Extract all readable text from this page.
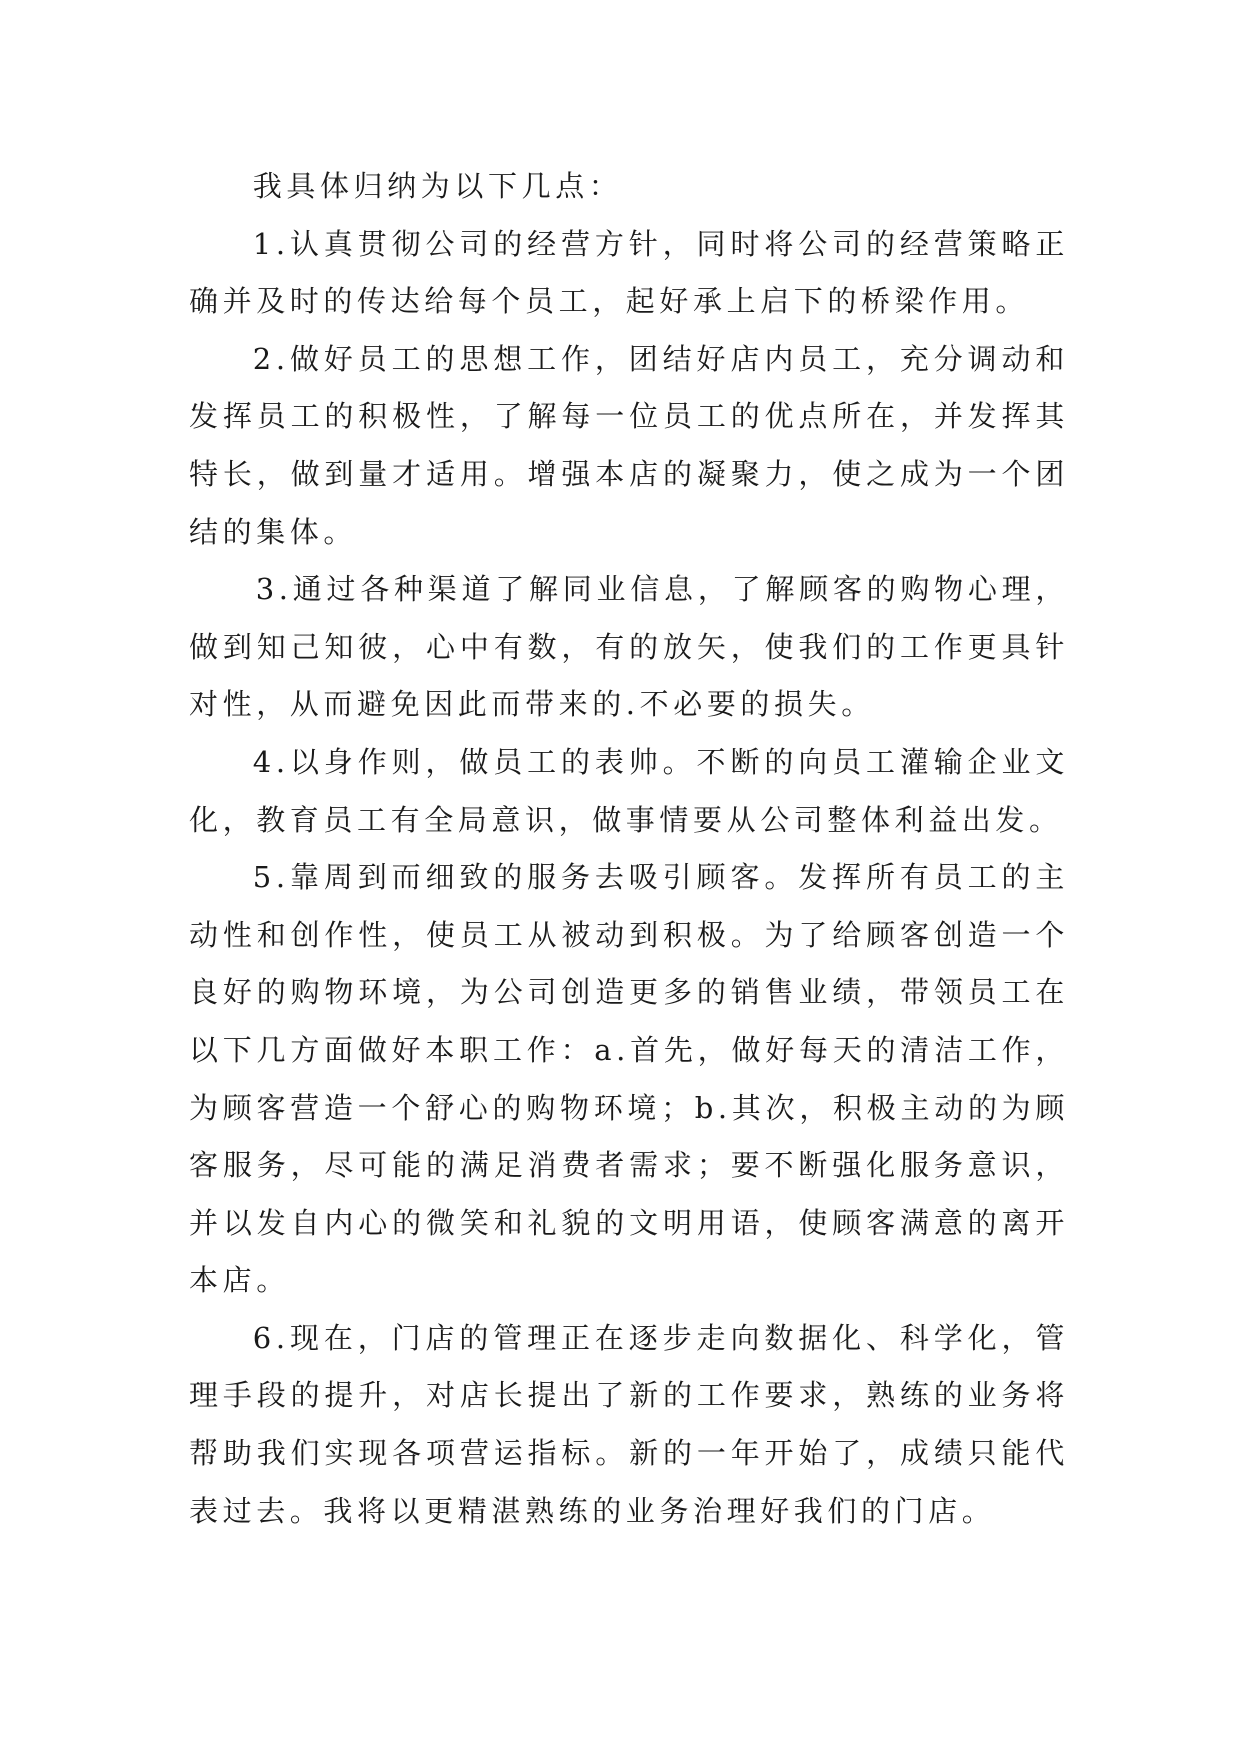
我具体归纳为以下几点：

1.认真贯彻公司的经营方针，同时将公司的经营策略正确并及时的传达给每个员工，起好承上启下的桥梁作用。

2.做好员工的思想工作，团结好店内员工，充分调动和发挥员工的积极性，了解每一位员工的优点所在，并发挥其特长，做到量才适用。增强本店的凝聚力，使之成为一个团结的集体。

3.通过各种渠道了解同业信息，了解顾客的购物心理，做到知己知彼，心中有数，有的放矢，使我们的工作更具针对性，从而避免因此而带来的.不必要的损失。

4.以身作则，做员工的表帅。不断的向员工灌输企业文化，教育员工有全局意识，做事情要从公司整体利益出发。

5.靠周到而细致的服务去吸引顾客。发挥所有员工的主动性和创作性，使员工从被动到积极。为了给顾客创造一个良好的购物环境，为公司创造更多的销售业绩，带领员工在以下几方面做好本职工作：a.首先，做好每天的清洁工作，为顾客营造一个舒心的购物环境；b.其次，积极主动的为顾客服务，尽可能的满足消费者需求；要不断强化服务意识，并以发自内心的微笑和礼貌的文明用语，使顾客满意的离开本店。

6.现在，门店的管理正在逐步走向数据化、科学化，管理手段的提升，对店长提出了新的工作要求，熟练的业务将帮助我们实现各项营运指标。新的一年开始了，成绩只能代表过去。我将以更精湛熟练的业务治理好我们的门店。
